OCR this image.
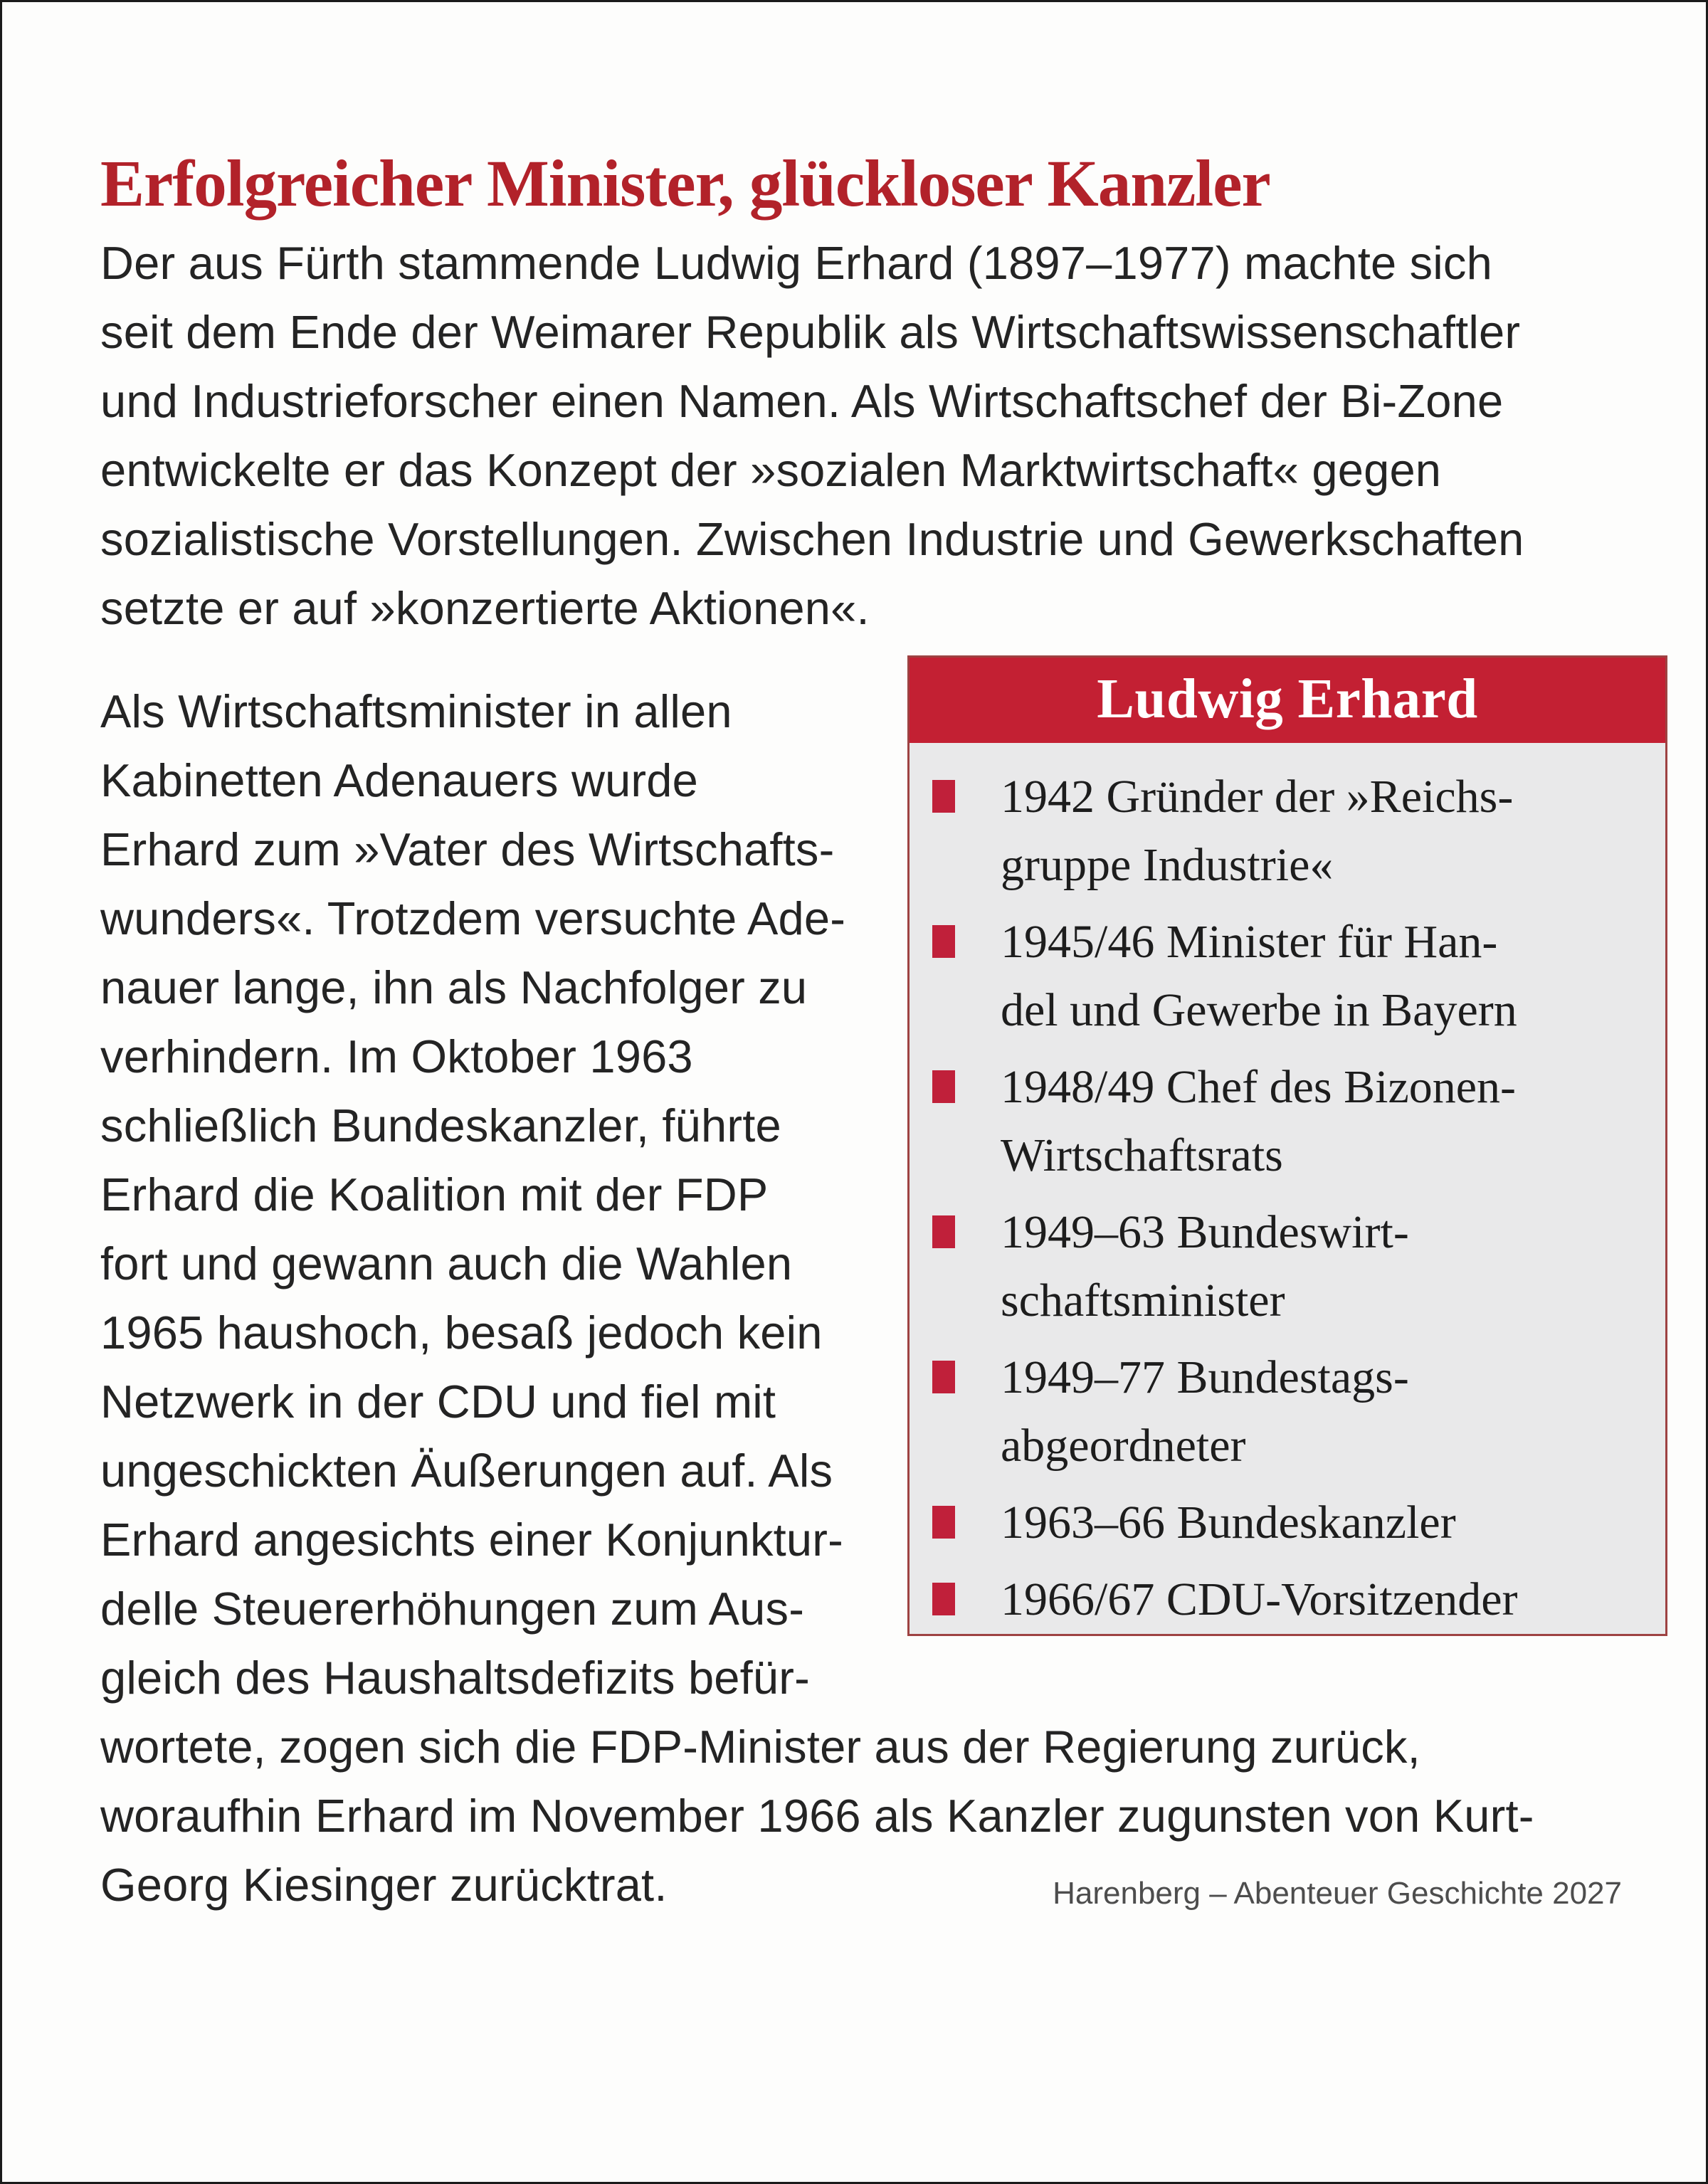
Erfolgreicher Minister, glückloser Kanzler
Der aus Fürth stammende Ludwig Erhard (1897–1977) machte sich
seit dem Ende der Weimarer Republik als Wirtschaftswissenschaftler
und Industrieforscher einen Namen. Als Wirtschaftschef der Bi-Zone
entwickelte er das Konzept der »sozialen Marktwirtschaft« gegen
sozialistische Vorstellungen. Zwischen Industrie und Gewerkschaften
setzte er auf »konzertierte Aktionen«.
Als Wirtschaftsminister in allen
Kabinetten Adenauers wurde
Erhard zum »Vater des Wirtschafts-
wunders«. Trotzdem versuchte Ade-
nauer lange, ihn als Nachfolger zu
verhindern. Im Oktober 1963
schließlich Bundeskanzler, führte
Erhard die Koalition mit der FDP
fort und gewann auch die Wahlen
1965 haushoch, besaß jedoch kein
Netzwerk in der CDU und fiel mit
ungeschickten Äußerungen auf. Als
Erhard angesichts einer Konjunktur-
delle Steuererhöhungen zum Aus-
gleich des Haushaltsdefizits befür-
wortete, zogen sich die FDP-Minister aus der Regierung zurück,
woraufhin Erhard im November 1966 als Kanzler zugunsten von Kurt-
Georg Kiesinger zurücktrat.
Ludwig Erhard
1942 Gründer der »Reichs-
gruppe Industrie«
1945/46 Minister für Han-
del und Gewerbe in Bayern
1948/49 Chef des Bizonen-
Wirtschaftsrats
1949–63 Bundeswirt-
schaftsminister
1949–77 Bundestags-
abgeordneter
1963–66 Bundeskanzler
1966/67 CDU-Vorsitzender
Harenberg – Abenteuer Geschichte 2027
